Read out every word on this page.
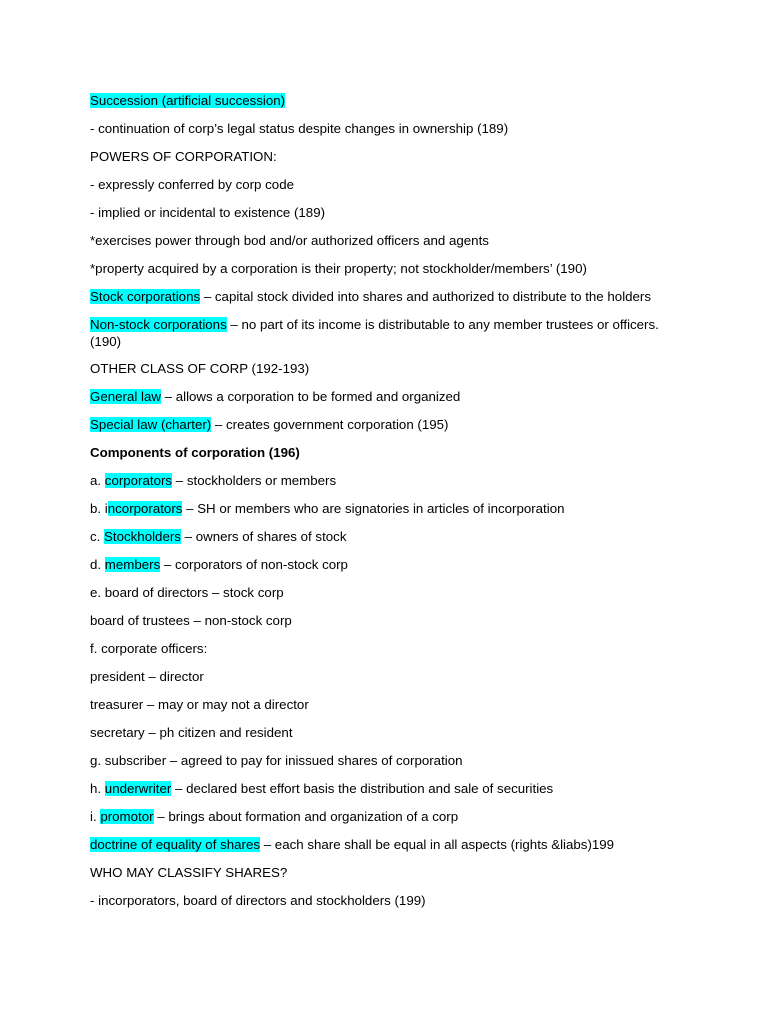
Succession (artificial succession)
- continuation of corp’s legal status despite changes in ownership (189)
POWERS OF CORPORATION:
- expressly conferred by corp code
- implied or incidental to existence (189)
*exercises power through bod and/or authorized officers and agents
*property acquired by a corporation is their property; not stockholder/members’ (190)
Stock corporations – capital stock divided into shares and authorized to distribute to the holders
Non-stock corporations – no part of its income is distributable to any member trustees or officers. (190)
OTHER CLASS OF CORP (192-193)
General law – allows a corporation to be formed and organized
Special law (charter) – creates government corporation (195)
Components of corporation (196)
a. corporators – stockholders or members
b. incorporators – SH or members who are signatories in articles of incorporation
c. Stockholders – owners of shares of stock
d. members – corporators of non-stock corp
e. board of directors – stock corp
board of trustees – non-stock corp
f. corporate officers:
president – director
treasurer – may or may not a director
secretary – ph citizen and resident
g. subscriber – agreed to pay for inissued shares of corporation
h. underwriter – declared best effort basis the distribution and sale of securities
i. promotor – brings about formation and organization of a corp
doctrine of equality of shares – each share shall be equal in all aspects (rights &liabs)199
WHO MAY CLASSIFY SHARES?
- incorporators, board of directors and stockholders (199)
